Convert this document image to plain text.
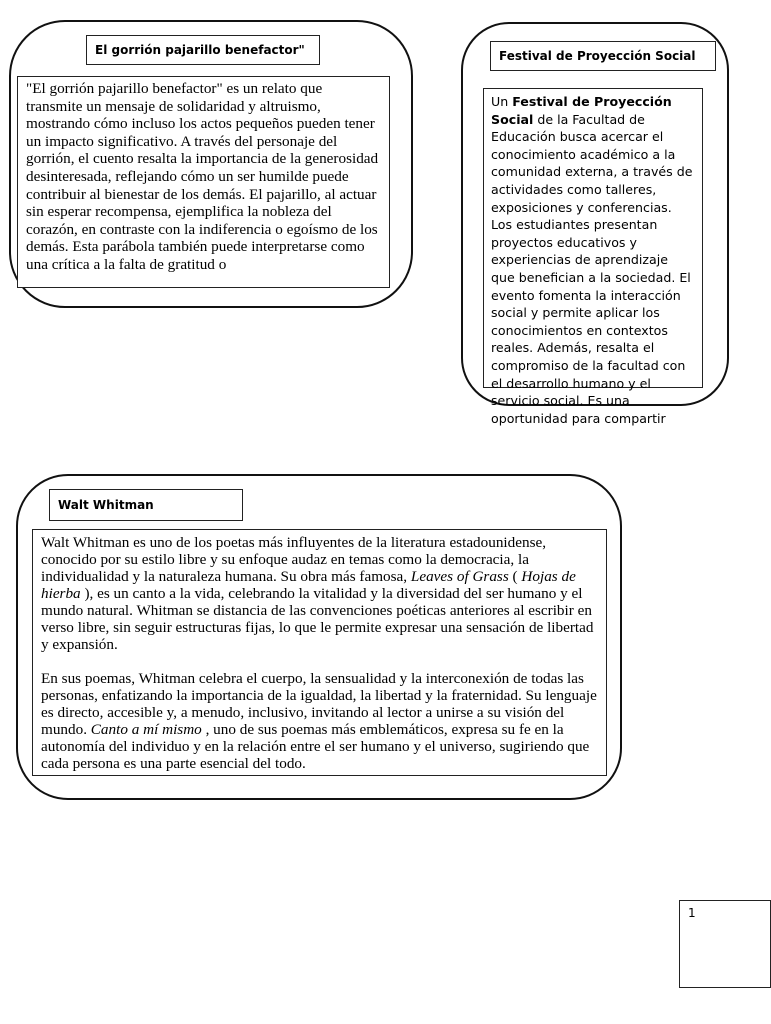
El gorrión pajarillo benefactor"
"El gorrión pajarillo benefactor" es un relato que transmite un mensaje de solidaridad y altruismo, mostrando cómo incluso los actos pequeños pueden tener un impacto significativo. A través del personaje del gorrión, el cuento resalta la importancia de la generosidad desinteresada, reflejando cómo un ser humilde puede contribuir al bienestar de los demás. El pajarillo, al actuar sin esperar recompensa, ejemplifica la nobleza del corazón, en contraste con la indiferencia o egoísmo de los demás. Esta parábola también puede interpretarse como una crítica a la falta de gratitud o
Festival de Proyección Social
Un Festival de Proyección Social de la Facultad de Educación busca acercar el conocimiento académico a la comunidad externa, a través de actividades como talleres, exposiciones y conferencias. Los estudiantes presentan proyectos educativos y experiencias de aprendizaje que benefician a la sociedad. El evento fomenta la interacción social y permite aplicar los conocimientos en contextos reales. Además, resalta el compromiso de la facultad con el desarrollo humano y el servicio social. Es una oportunidad para compartir
Walt Whitman

Walt Whitman es uno de los poetas más influyentes de la literatura estadounidense, conocido por su estilo libre y su enfoque audaz en temas como la democracia, la individualidad y la naturaleza humana. Su obra más famosa, Leaves of Grass ( Hojas de hierba ), es un canto a la vida, celebrando la vitalidad y la diversidad del ser humano y el mundo natural. Whitman se distancia de las convenciones poéticas anteriores al escribir en verso libre, sin seguir estructuras fijas, lo que le permite expresar una sensación de libertad y expansión.

En sus poemas, Whitman celebra el cuerpo, la sensualidad y la interconexión de todas las personas, enfatizando la importancia de la igualdad, la libertad y la fraternidad. Su lenguaje es directo, accesible y, a menudo, inclusivo, invitando al lector a unirse a su visión del mundo. Canto a mí mismo , uno de sus poemas más emblemáticos, expresa su fe en la autonomía del individuo y en la relación entre el ser humano y el universo, sugiriendo que cada persona es una parte esencial del todo.

1
